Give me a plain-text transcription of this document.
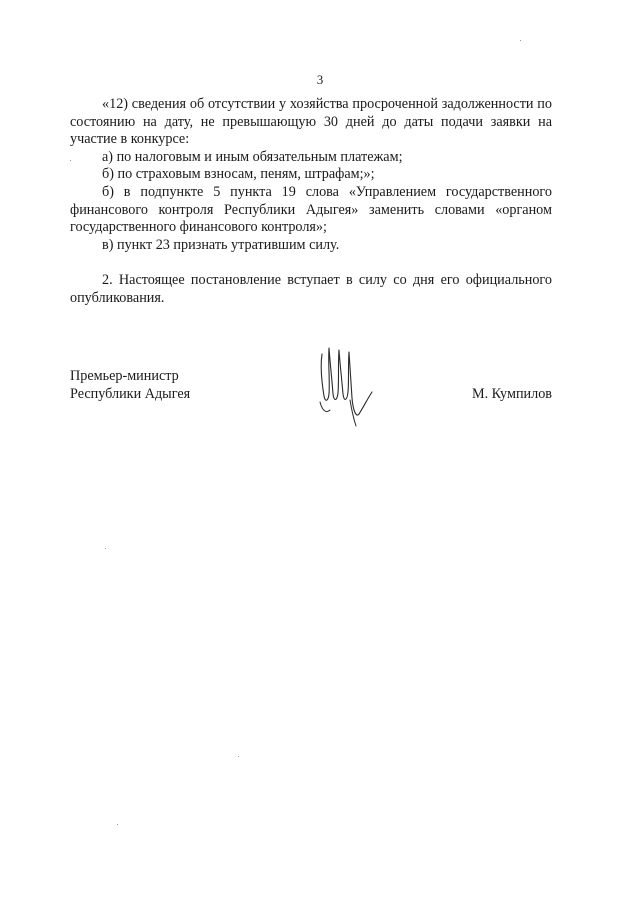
3

«12) сведения об отсутствии у хозяйства просроченной задолженности по состоянию на дату, не превышающую 30 дней до даты подачи заявки на участие в конкурсе:

а) по налоговым и иным обязательным платежам;

б) по страховым взносам, пеням, штрафам;»;

б) в подпункте 5 пункта 19 слова «Управлением государственного финансового контроля Республики Адыгея» заменить словами «органом государственного финансового контроля»;

в) пункт 23 признать утратившим силу.

2. Настоящее постановление вступает в силу со дня его официального опубликования.

Премьер-министр
Республики Адыгея	М. Кумпилов
